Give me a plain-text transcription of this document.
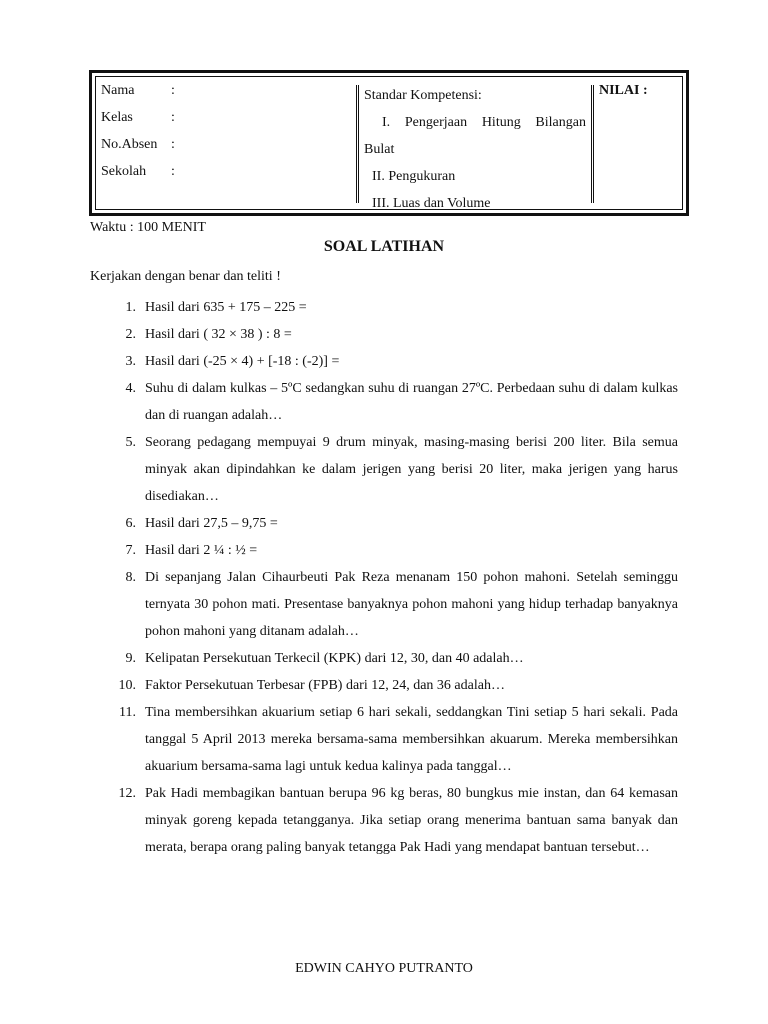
Nama	:
Kelas	:
No.Absen :
Sekolah	:
Standar Kompetensi:
I. Pengerjaan Hitung Bilangan
Bulat
II. Pengukuran
III. Luas dan Volume
NILAI :
Waktu : 100 MENIT
SOAL LATIHAN
Kerjakan dengan benar dan teliti !
1. Hasil dari 635 + 175 – 225 =
2. Hasil dari ( 32 × 38 ) : 8 =
3. Hasil dari (-25 × 4) + [-18 : (-2)] =
4. Suhu di dalam kulkas – 5ºC sedangkan suhu di ruangan 27ºC. Perbedaan suhu di dalam kulkas dan di ruangan adalah…
5. Seorang pedagang mempuyai 9 drum minyak, masing-masing berisi 200 liter. Bila semua minyak akan dipindahkan ke dalam jerigen yang berisi 20 liter, maka jerigen yang harus disediakan…
6. Hasil dari 27,5 – 9,75 =
7. Hasil dari 2 ¼ : ½ =
8. Di sepanjang Jalan Cihaurbeuti Pak Reza menanam 150 pohon mahoni. Setelah seminggu ternyata 30 pohon mati. Presentase banyaknya pohon mahoni yang hidup terhadap banyaknya pohon mahoni yang ditanam adalah…
9. Kelipatan Persekutuan Terkecil (KPK) dari 12, 30, dan 40 adalah…
10. Faktor Persekutuan Terbesar (FPB) dari 12, 24, dan 36 adalah…
11. Tina membersihkan akuarium setiap 6 hari sekali, seddangkan Tini setiap 5 hari sekali. Pada tanggal 5 April 2013 mereka bersama-sama membersihkan akuarum. Mereka membersihkan akuarium bersama-sama lagi untuk kedua kalinya pada tanggal…
12. Pak Hadi membagikan bantuan berupa 96 kg beras, 80 bungkus mie instan, dan 64 kemasan minyak goreng kepada tetangganya. Jika setiap orang menerima bantuan sama banyak dan merata, berapa orang paling banyak tetangga Pak Hadi yang mendapat bantuan tersebut…
EDWIN CAHYO PUTRANTO
